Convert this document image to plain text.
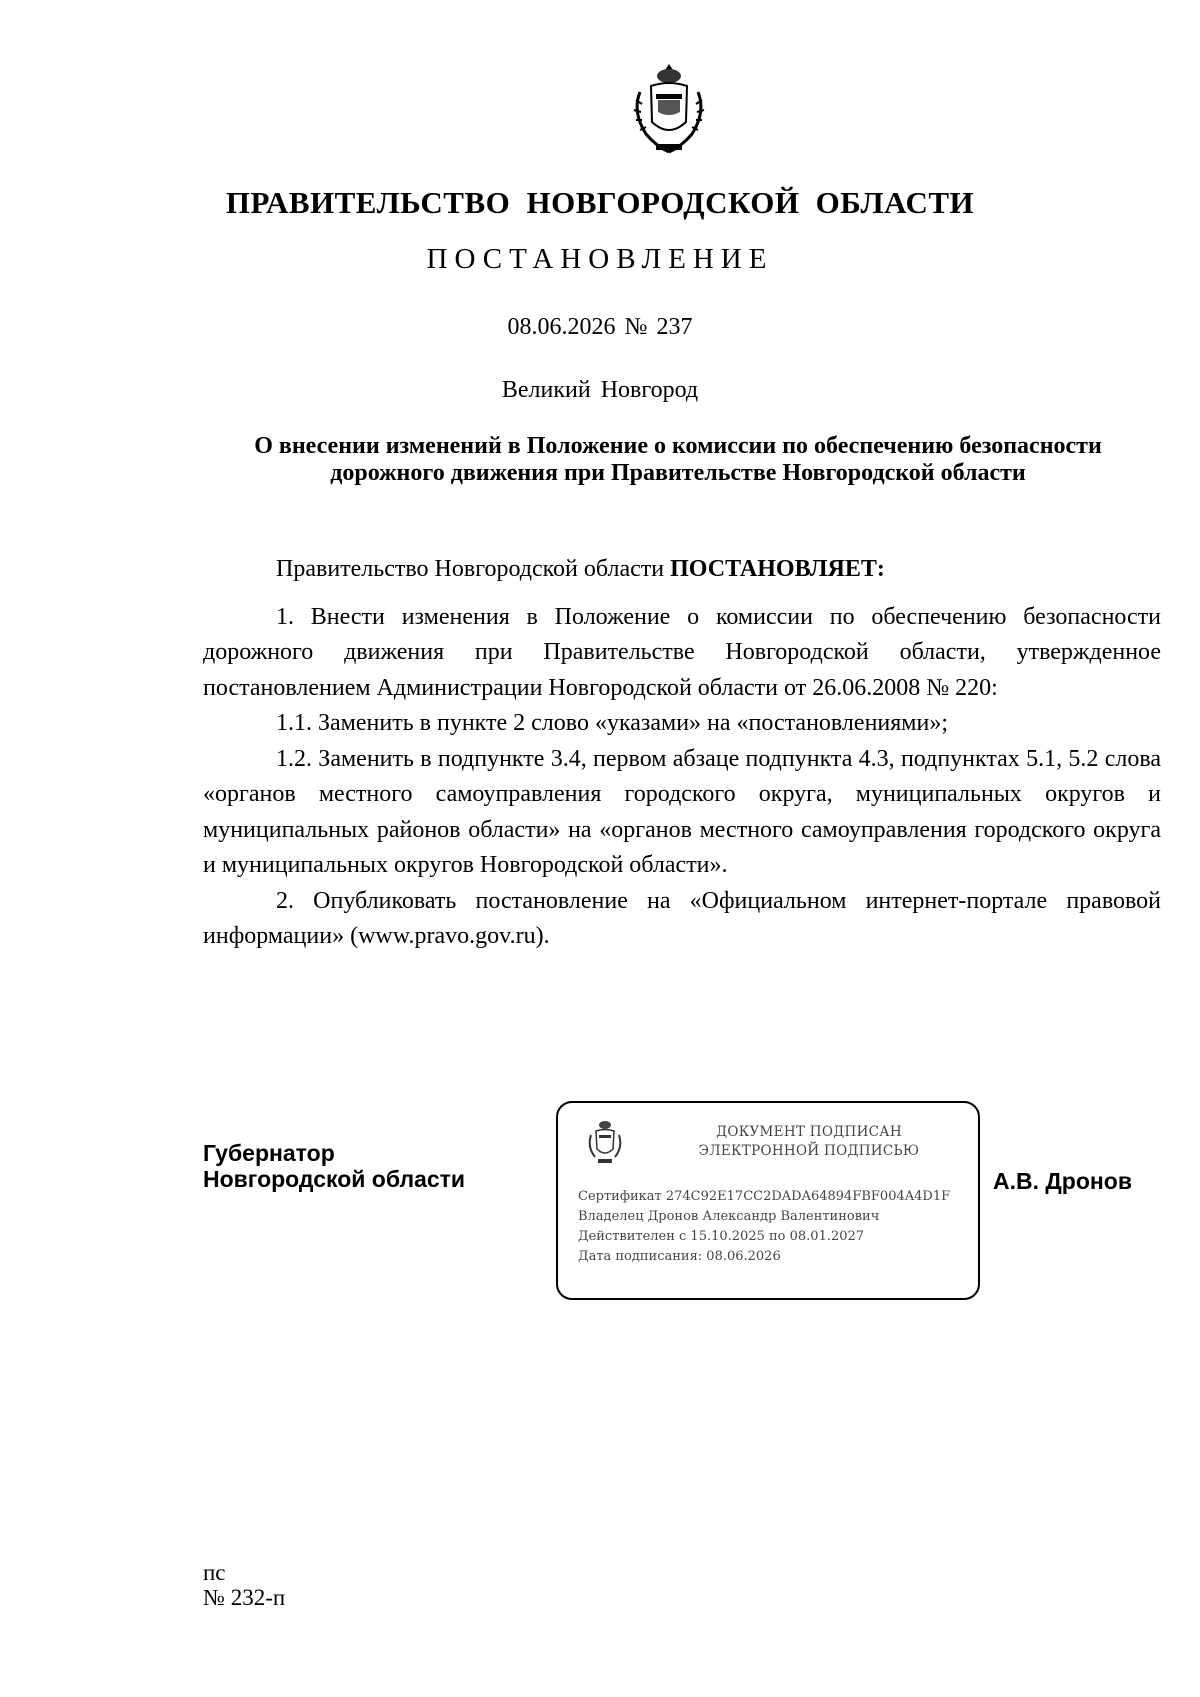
ПРАВИТЕЛЬСТВО НОВГОРОДСКОЙ ОБЛАСТИ
ПОСТАНОВЛЕНИЕ
08.06.2026 № 237
Великий Новгород
О внесении изменений в Положение о комиссии по обеспечению безопасности
дорожного движения при Правительстве Новгородской области

Правительство Новгородской области ПОСТАНОВЛЯЕТ:

1. Внести изменения в Положение о комиссии по обеспечению безопасности дорожного движения при Правительстве Новгородской области, утвержденное постановлением Администрации Новгородской области от 26.06.2008 № 220:

1.1. Заменить в пункте 2 слово «указами» на «постановлениями»;

1.2. Заменить в подпункте 3.4, первом абзаце подпункта 4.3, подпунктах 5.1, 5.2 слова «органов местного самоуправления городского округа, муниципальных округов и муниципальных районов области» на «органов местного самоуправления городского округа и муниципальных округов Новгородской области».

2. Опубликовать постановление на «Официальном интернет-портале правовой информации» (www.pravo.gov.ru).

Губернатор
Новгородской области
ДОКУМЕНТ ПОДПИСАН
ЭЛЕКТРОННОЙ ПОДПИСЬЮ
Сертификат 274C92E17CC2DADA64894FBF004A4D1F
Владелец Дронов Александр Валентинович
Действителен с 15.10.2025 по 08.01.2027
Дата подписания: 08.06.2026
А.В. Дронов
пс
№ 232-п
